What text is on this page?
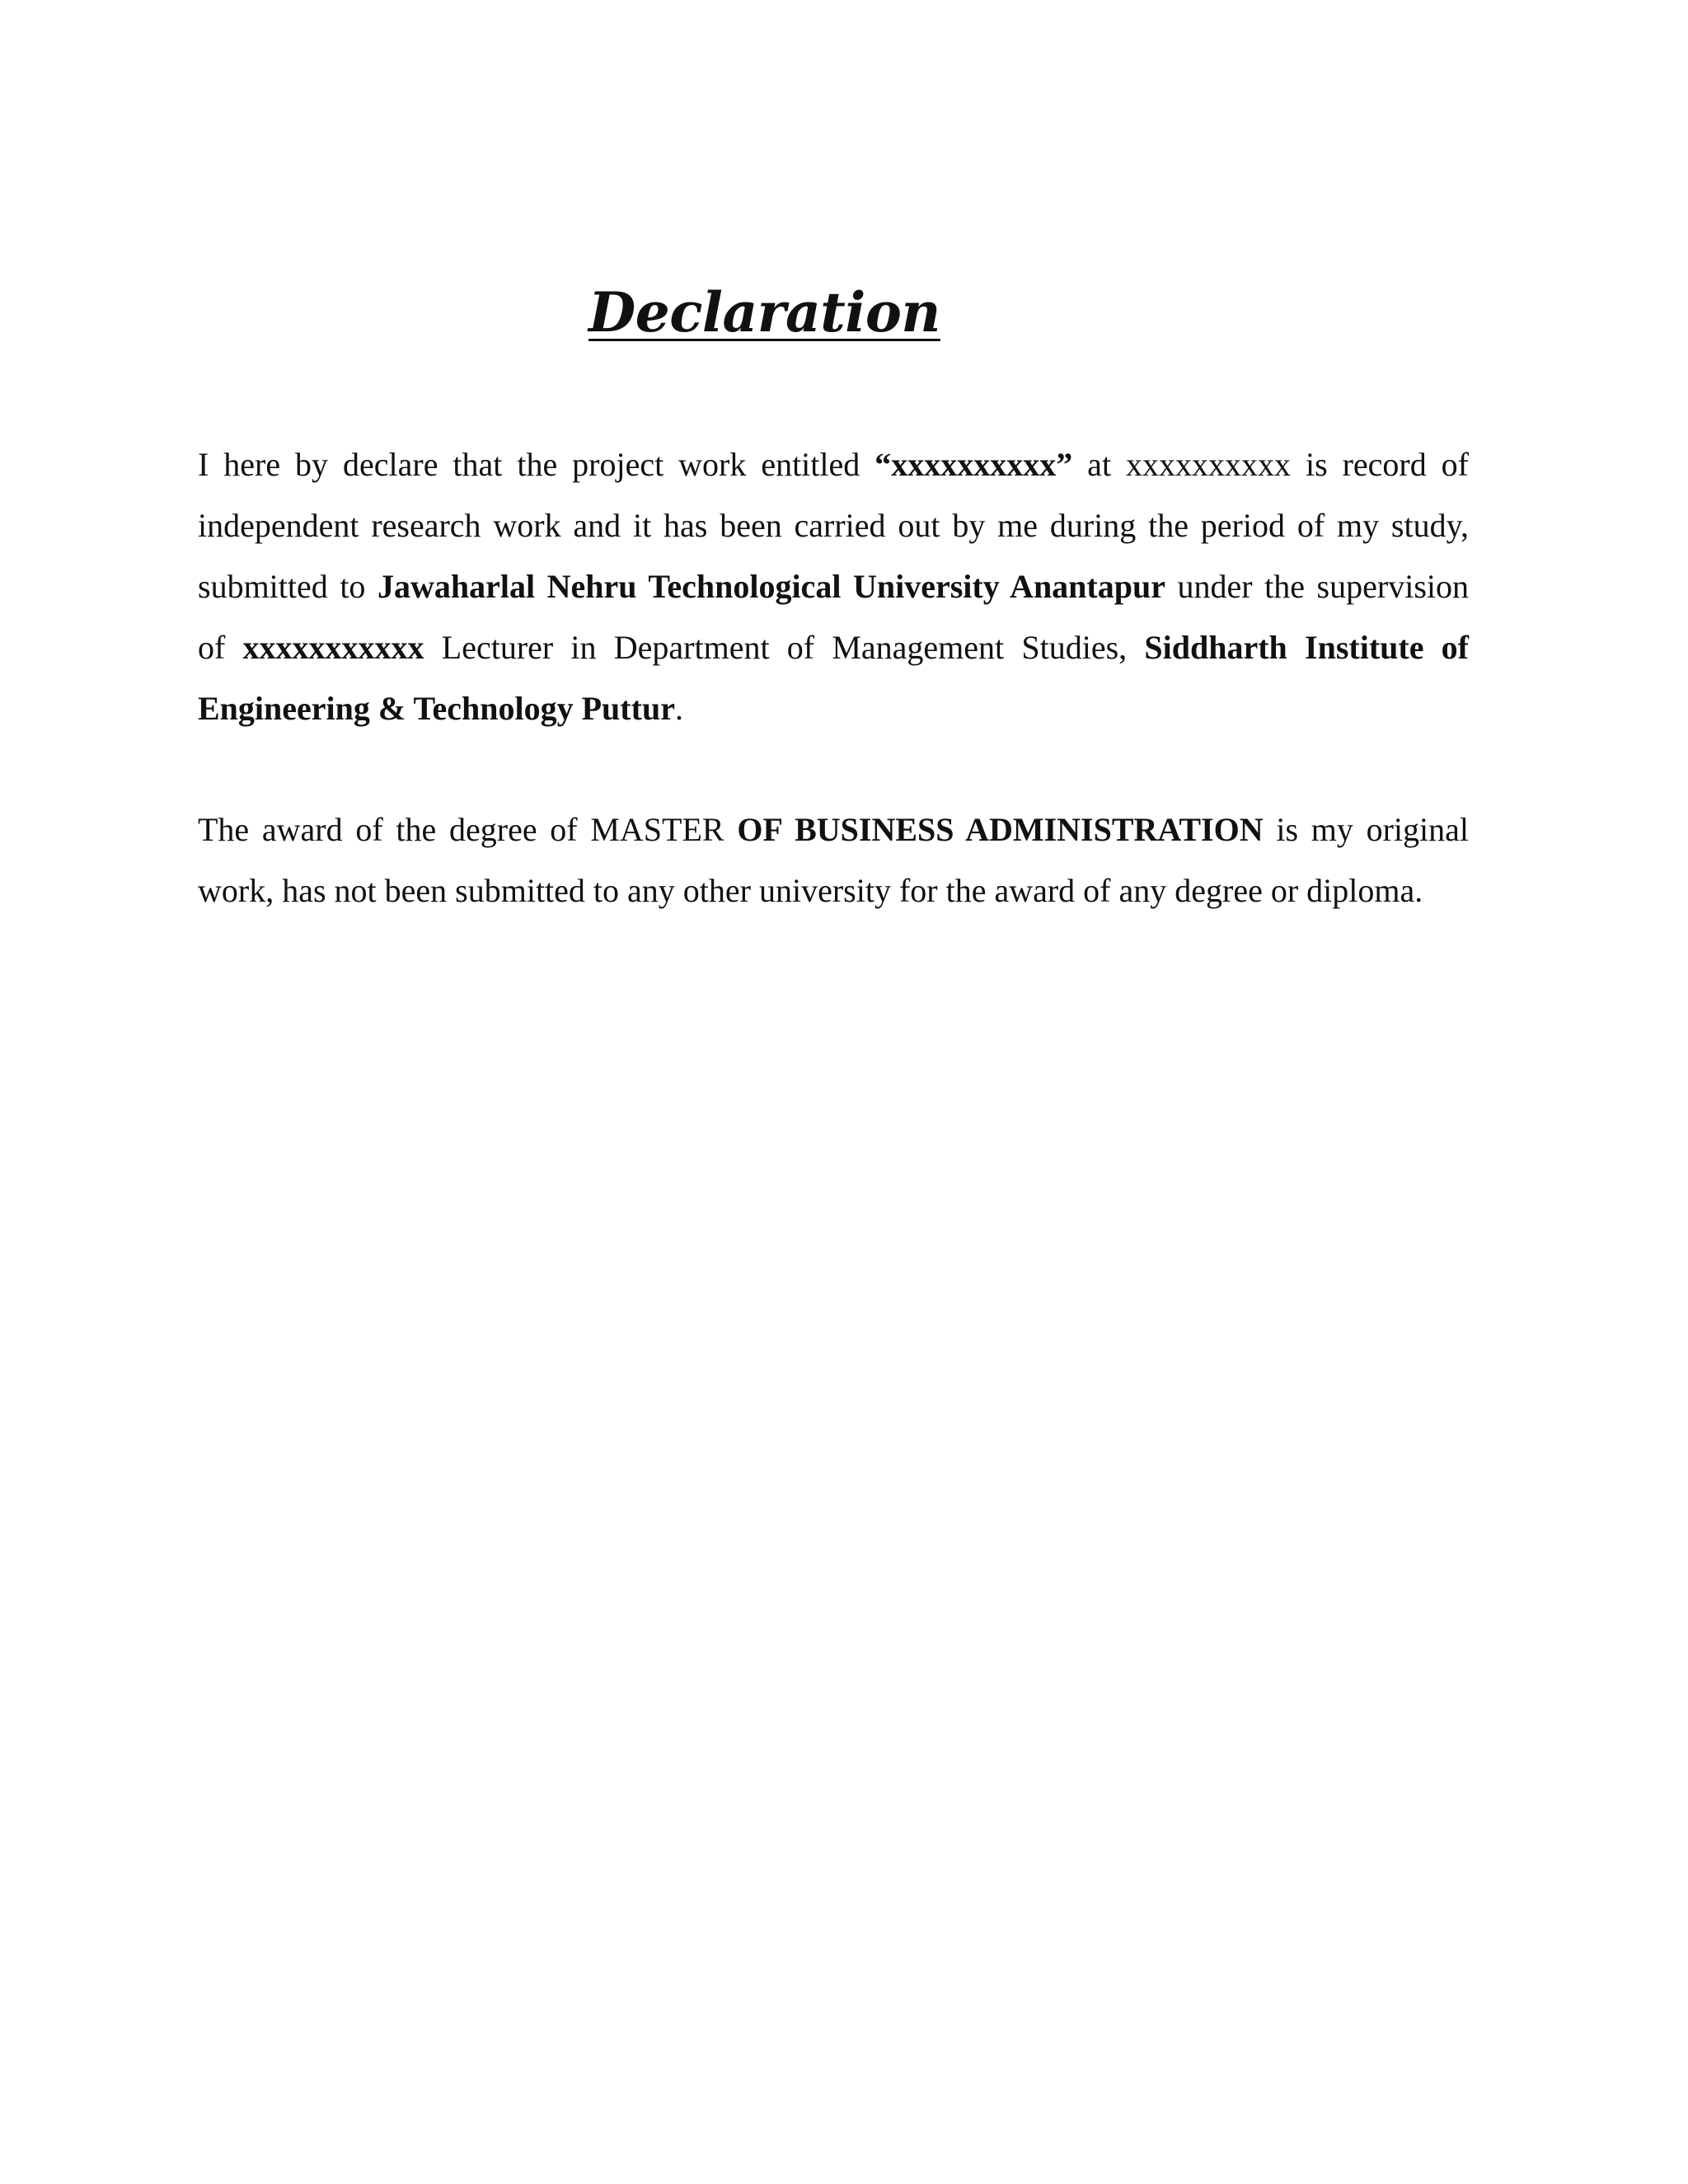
Declaration

I here by declare that the project work entitled “xxxxxxxxxx” at xxxxxxxxxx is record of independent research work and it has been carried out by me during the period of my study, submitted to Jawaharlal Nehru Technological University Anantapur under the supervision of xxxxxxxxxxx Lecturer in Department of Management Studies, Siddharth Institute of Engineering & Technology Puttur.

The award of the degree of MASTER OF BUSINESS ADMINISTRATION is my original work, has not been submitted to any other university for the award of any degree or diploma.
